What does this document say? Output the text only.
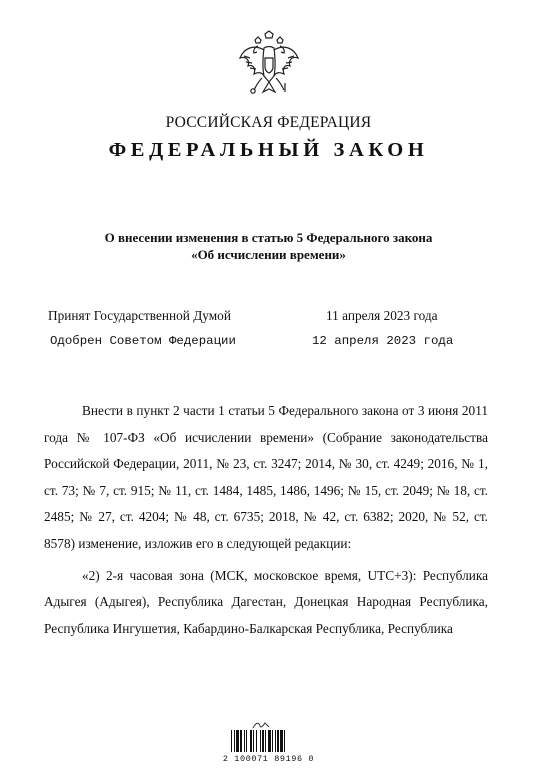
РОССИЙСКАЯ ФЕДЕРАЦИЯ
ФЕДЕРАЛЬНЫЙ ЗАКОН
О внесении изменения в статью 5 Федерального закона
«Об исчислении времени»
Принят Государственной Думой	11 апреля 2023 года
Одобрен Советом Федерации	12 апреля 2023 года

Внести в пункт 2 части 1 статьи 5 Федерального закона от 3 июня 2011 года № 107-ФЗ «Об исчислении времени» (Собрание законодательства Российской Федерации, 2011, № 23, ст. 3247; 2014, № 30, ст. 4249; 2016, № 1, ст. 73; № 7, ст. 915; № 11, ст. 1484, 1485, 1486, 1496; № 15, ст. 2049; № 18, ст. 2485; № 27, ст. 4204; № 48, ст. 6735; 2018, № 42, ст. 6382; 2020, № 52, ст. 8578) изменение, изложив его в следующей редакции:

«2) 2-я часовая зона (МСК, московское время, UTC+3): Республика Адыгея (Адыгея), Республика Дагестан, Донецкая Народная Республика, Республика Ингушетия, Кабардино-Балкарская Республика, Республика

2 100071 89196 0
